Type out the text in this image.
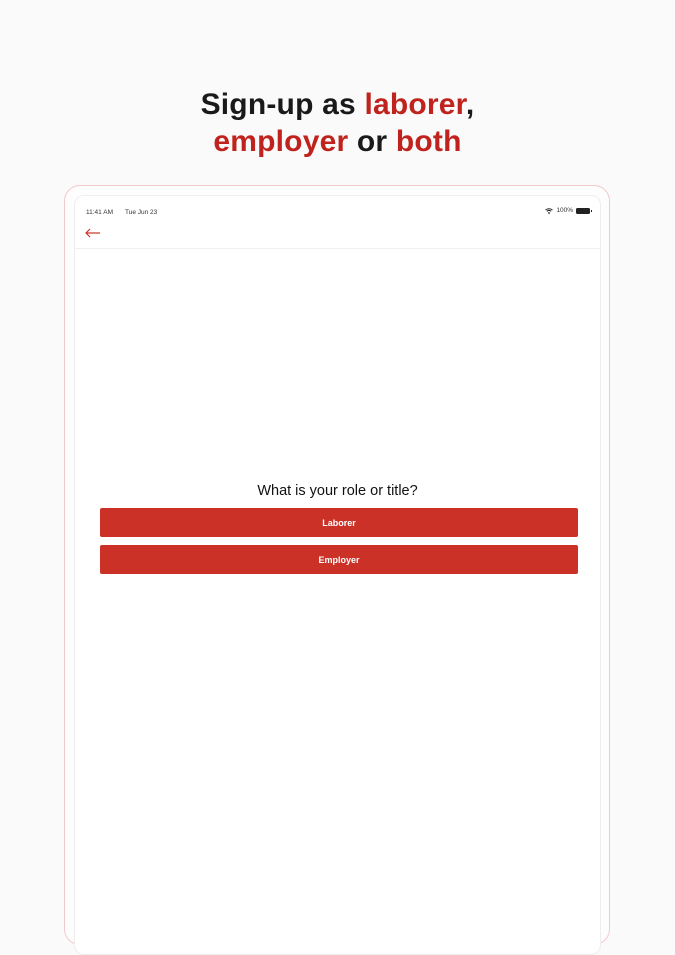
Sign-up as laborer,
employer or both
11:41 AM Tue Jun 23	100%
What is your role or title?
Laborer
Employer
